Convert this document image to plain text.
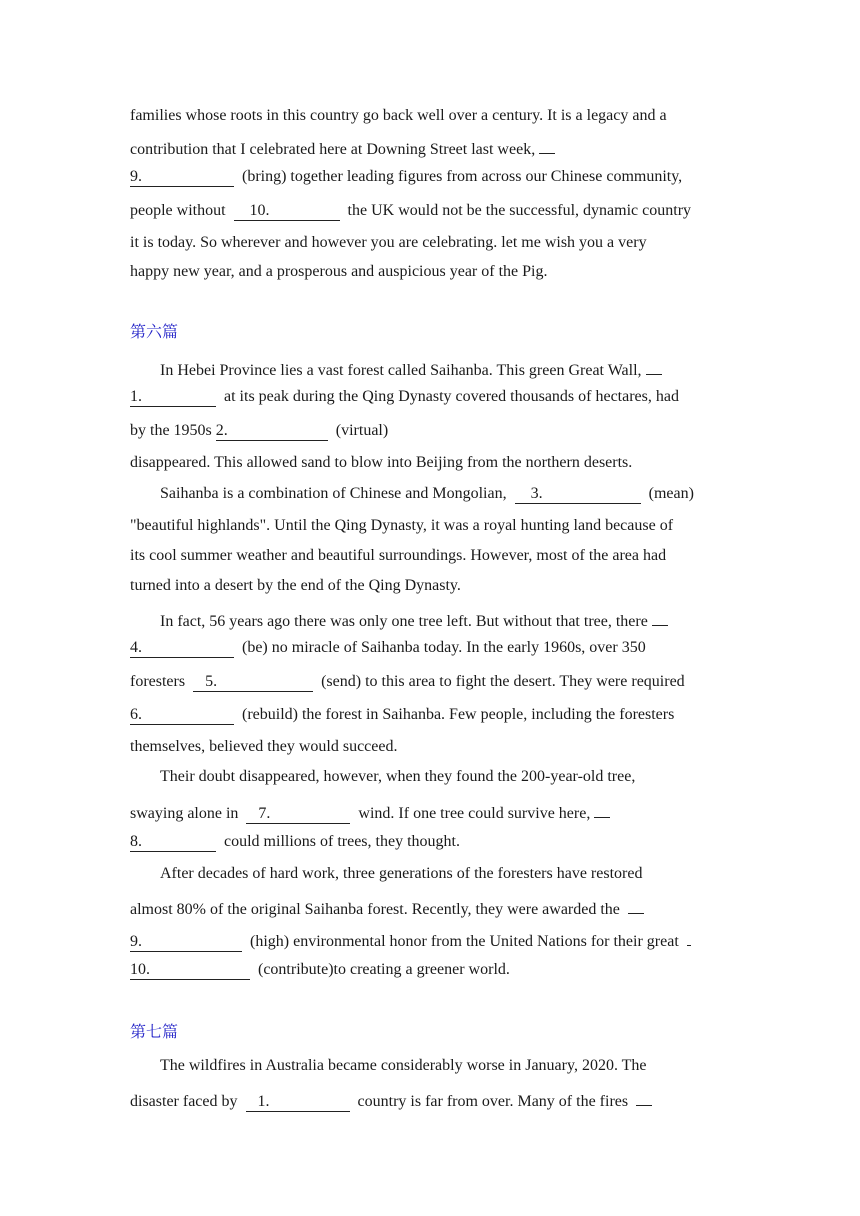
families whose roots in this country go back well over a century. It is a legacy and a
contribution that I celebrated here at Downing Street last week,
9.	(bring) together leading figures from across our Chinese community,
people without 10.	the UK would not be the successful, dynamic country
it is today. So wherever and however you are celebrating. let me wish you a very
happy new year, and a prosperous and auspicious year of the Pig.
第六篇
In Hebei Province lies a vast forest called Saihanba. This green Great Wall,
1.	at its peak during the Qing Dynasty covered thousands of hectares, had
by the 1950s 2.	(virtual)
disappeared. This allowed sand to blow into Beijing from the northern deserts.
Saihanba is a combination of Chinese and Mongolian, 3.	(mean)
"beautiful highlands". Until the Qing Dynasty, it was a royal hunting land because of
its cool summer weather and beautiful surroundings. However, most of the area had
turned into a desert by the end of the Qing Dynasty.
In fact, 56 years ago there was only one tree left. But without that tree, there
4.	(be) no miracle of Saihanba today. In the early 1960s, over 350
foresters 5.	(send) to this area to fight the desert. They were required
6.	(rebuild) the forest in Saihanba. Few people, including the foresters
themselves, believed they would succeed.
Their doubt disappeared, however, when they found the 200-year-old tree,
swaying alone in 7.	wind. If one tree could survive here,
8.	could millions of trees, they thought.
After decades of hard work, three generations of the foresters have restored
almost 80% of the original Saihanba forest. Recently, they were awarded the
9.	(high) environmental honor from the United Nations for their great
10.	(contribute)to creating a greener world.
第七篇
The wildfires in Australia became considerably worse in January, 2020. The
disaster faced by 1.	country is far from over. Many of the fires
